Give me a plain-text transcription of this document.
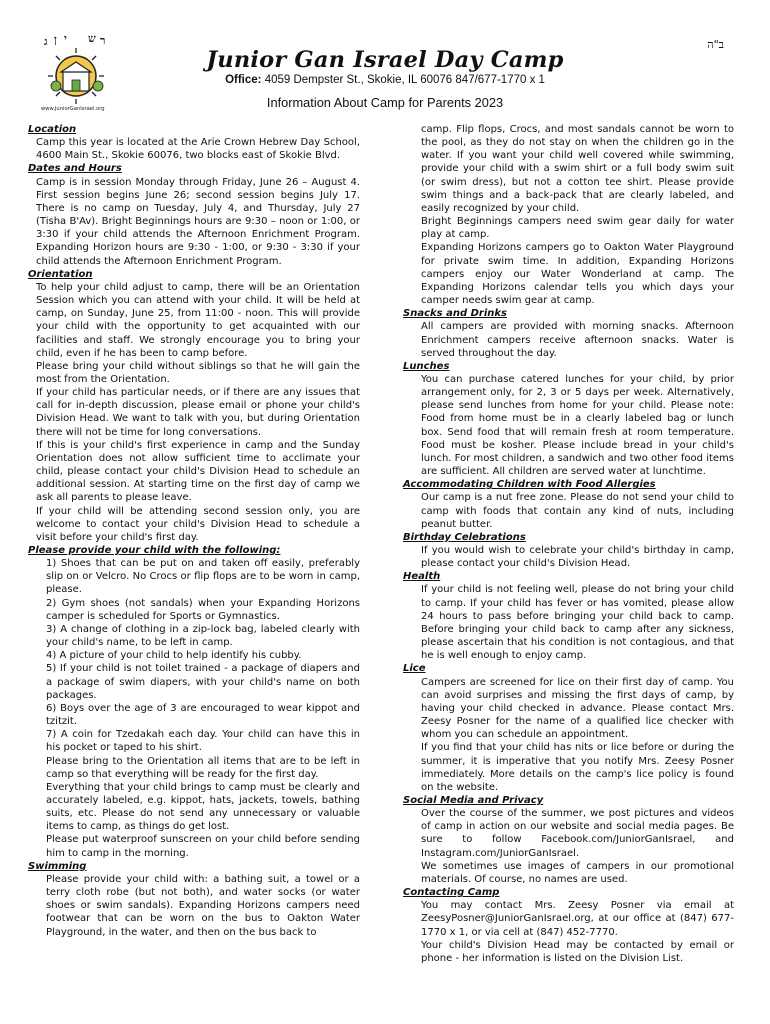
ג ן י ש ר
www.JuniorGanIsrael.org
ב"ה
Junior Gan Israel Day Camp
Office: 4059 Dempster St., Skokie, IL 60076 847/677-1770 x 1
Information About Camp for Parents 2023
Location
Camp this year is located at the Arie Crown Hebrew Day School, 4600 Main St., Skokie 60076, two blocks east of Skokie Blvd.
Dates and Hours
Camp is in session Monday through Friday, June 26 – August 4. First session begins June 26; second session begins July 17. There is no camp on Tuesday, July 4, and Thursday, July 27 (Tisha B'Av). Bright Beginnings hours are 9:30 – noon or 1:00, or 3:30 if your child attends the Afternoon Enrichment Program. Expanding Horizon hours are 9:30 - 1:00, or 9:30 - 3:30 if your child attends the Afternoon Enrichment Program.
Orientation
To help your child adjust to camp, there will be an Orientation Session which you can attend with your child. It will be held at camp, on Sunday, June 25, from 11:00 - noon. This will provide your child with the opportunity to get acquainted with our facilities and staff. We strongly encourage you to bring your child, even if he has been to camp before.
Please bring your child without siblings so that he will gain the most from the Orientation.
If your child has particular needs, or if there are any issues that call for in-depth discussion, please email or phone your child's Division Head. We want to talk with you, but during Orientation there will not be time for long conversations.
If this is your child's first experience in camp and the Sunday Orientation does not allow sufficient time to acclimate your child, please contact your child's Division Head to schedule an additional session. At starting time on the first day of camp we ask all parents to please leave.
If your child will be attending second session only, you are welcome to contact your child's Division Head to schedule a visit before your child's first day.
Please provide your child with the following:
1) Shoes that can be put on and taken off easily, preferably slip on or Velcro. No Crocs or flip flops are to be worn in camp, please.
2) Gym shoes (not sandals) when your Expanding Horizons camper is scheduled for Sports or Gymnastics.
3) A change of clothing in a zip-lock bag, labeled clearly with your child's name, to be left in camp.
4) A picture of your child to help identify his cubby.
5) If your child is not toilet trained - a package of diapers and a package of swim diapers, with your child's name on both packages.
6) Boys over the age of 3 are encouraged to wear kippot and tzitzit.
7) A coin for Tzedakah each day. Your child can have this in his pocket or taped to his shirt.
Please bring to the Orientation all items that are to be left in camp so that everything will be ready for the first day.
Everything that your child brings to camp must be clearly and accurately labeled, e.g. kippot, hats, jackets, towels, bathing suits, etc. Please do not send any unnecessary or valuable items to camp, as things do get lost.
Please put waterproof sunscreen on your child before sending him to camp in the morning.
Swimming
Please provide your child with: a bathing suit, a towel or a terry cloth robe (but not both), and water socks (or water shoes or swim sandals). Expanding Horizons campers need footwear that can be worn on the bus to Oakton Water Playground, in the water, and then on the bus back to
camp. Flip flops, Crocs, and most sandals cannot be worn to the pool, as they do not stay on when the children go in the water. If you want your child well covered while swimming, provide your child with a swim shirt or a full body swim suit (or swim dress), but not a cotton tee shirt. Please provide swim things and a back-pack that are clearly labeled, and easily recognized by your child.
Bright Beginnings campers need swim gear daily for water play at camp.
Expanding Horizons campers go to Oakton Water Playground for private swim time. In addition, Expanding Horizons campers enjoy our Water Wonderland at camp. The Expanding Horizons calendar tells you which days your camper needs swim gear at camp.
Snacks and Drinks
All campers are provided with morning snacks. Afternoon Enrichment campers receive afternoon snacks. Water is served throughout the day.
Lunches
You can purchase catered lunches for your child, by prior arrangement only, for 2, 3 or 5 days per week. Alternatively, please send lunches from home for your child. Please note: Food from home must be in a clearly labeled bag or lunch box. Send food that will remain fresh at room temperature. Food must be kosher. Please include bread in your child's lunch. For most children, a sandwich and two other food items are sufficient. All children are served water at lunchtime.
Accommodating Children with Food Allergies
Our camp is a nut free zone. Please do not send your child to camp with foods that contain any kind of nuts, including peanut butter.
Birthday Celebrations
If you would wish to celebrate your child's birthday in camp, please contact your child's Division Head.
Health
If your child is not feeling well, please do not bring your child to camp. If your child has fever or has vomited, please allow 24 hours to pass before bringing your child back to camp. Before bringing your child back to camp after any sickness, please ascertain that his condition is not contagious, and that he is well enough to enjoy camp.
Lice
Campers are screened for lice on their first day of camp. You can avoid surprises and missing the first days of camp, by having your child checked in advance. Please contact Mrs. Zeesy Posner for the name of a qualified lice checker with whom you can schedule an appointment.
If you find that your child has nits or lice before or during the summer, it is imperative that you notify Mrs. Zeesy Posner immediately. More details on the camp's lice policy is found on the website.
Social Media and Privacy
Over the course of the summer, we post pictures and videos of camp in action on our website and social media pages. Be sure to follow Facebook.com/JuniorGanIsrael, and Instagram.com/JuniorGanIsrael.
We sometimes use images of campers in our promotional materials. Of course, no names are used.
Contacting Camp
You may contact Mrs. Zeesy Posner via email at ZeesyPosner@JuniorGanIsrael.org, at our office at (847) 677-1770 x 1, or via cell at (847) 452-7770.
Your child's Division Head may be contacted by email or phone - her information is listed on the Division List.
